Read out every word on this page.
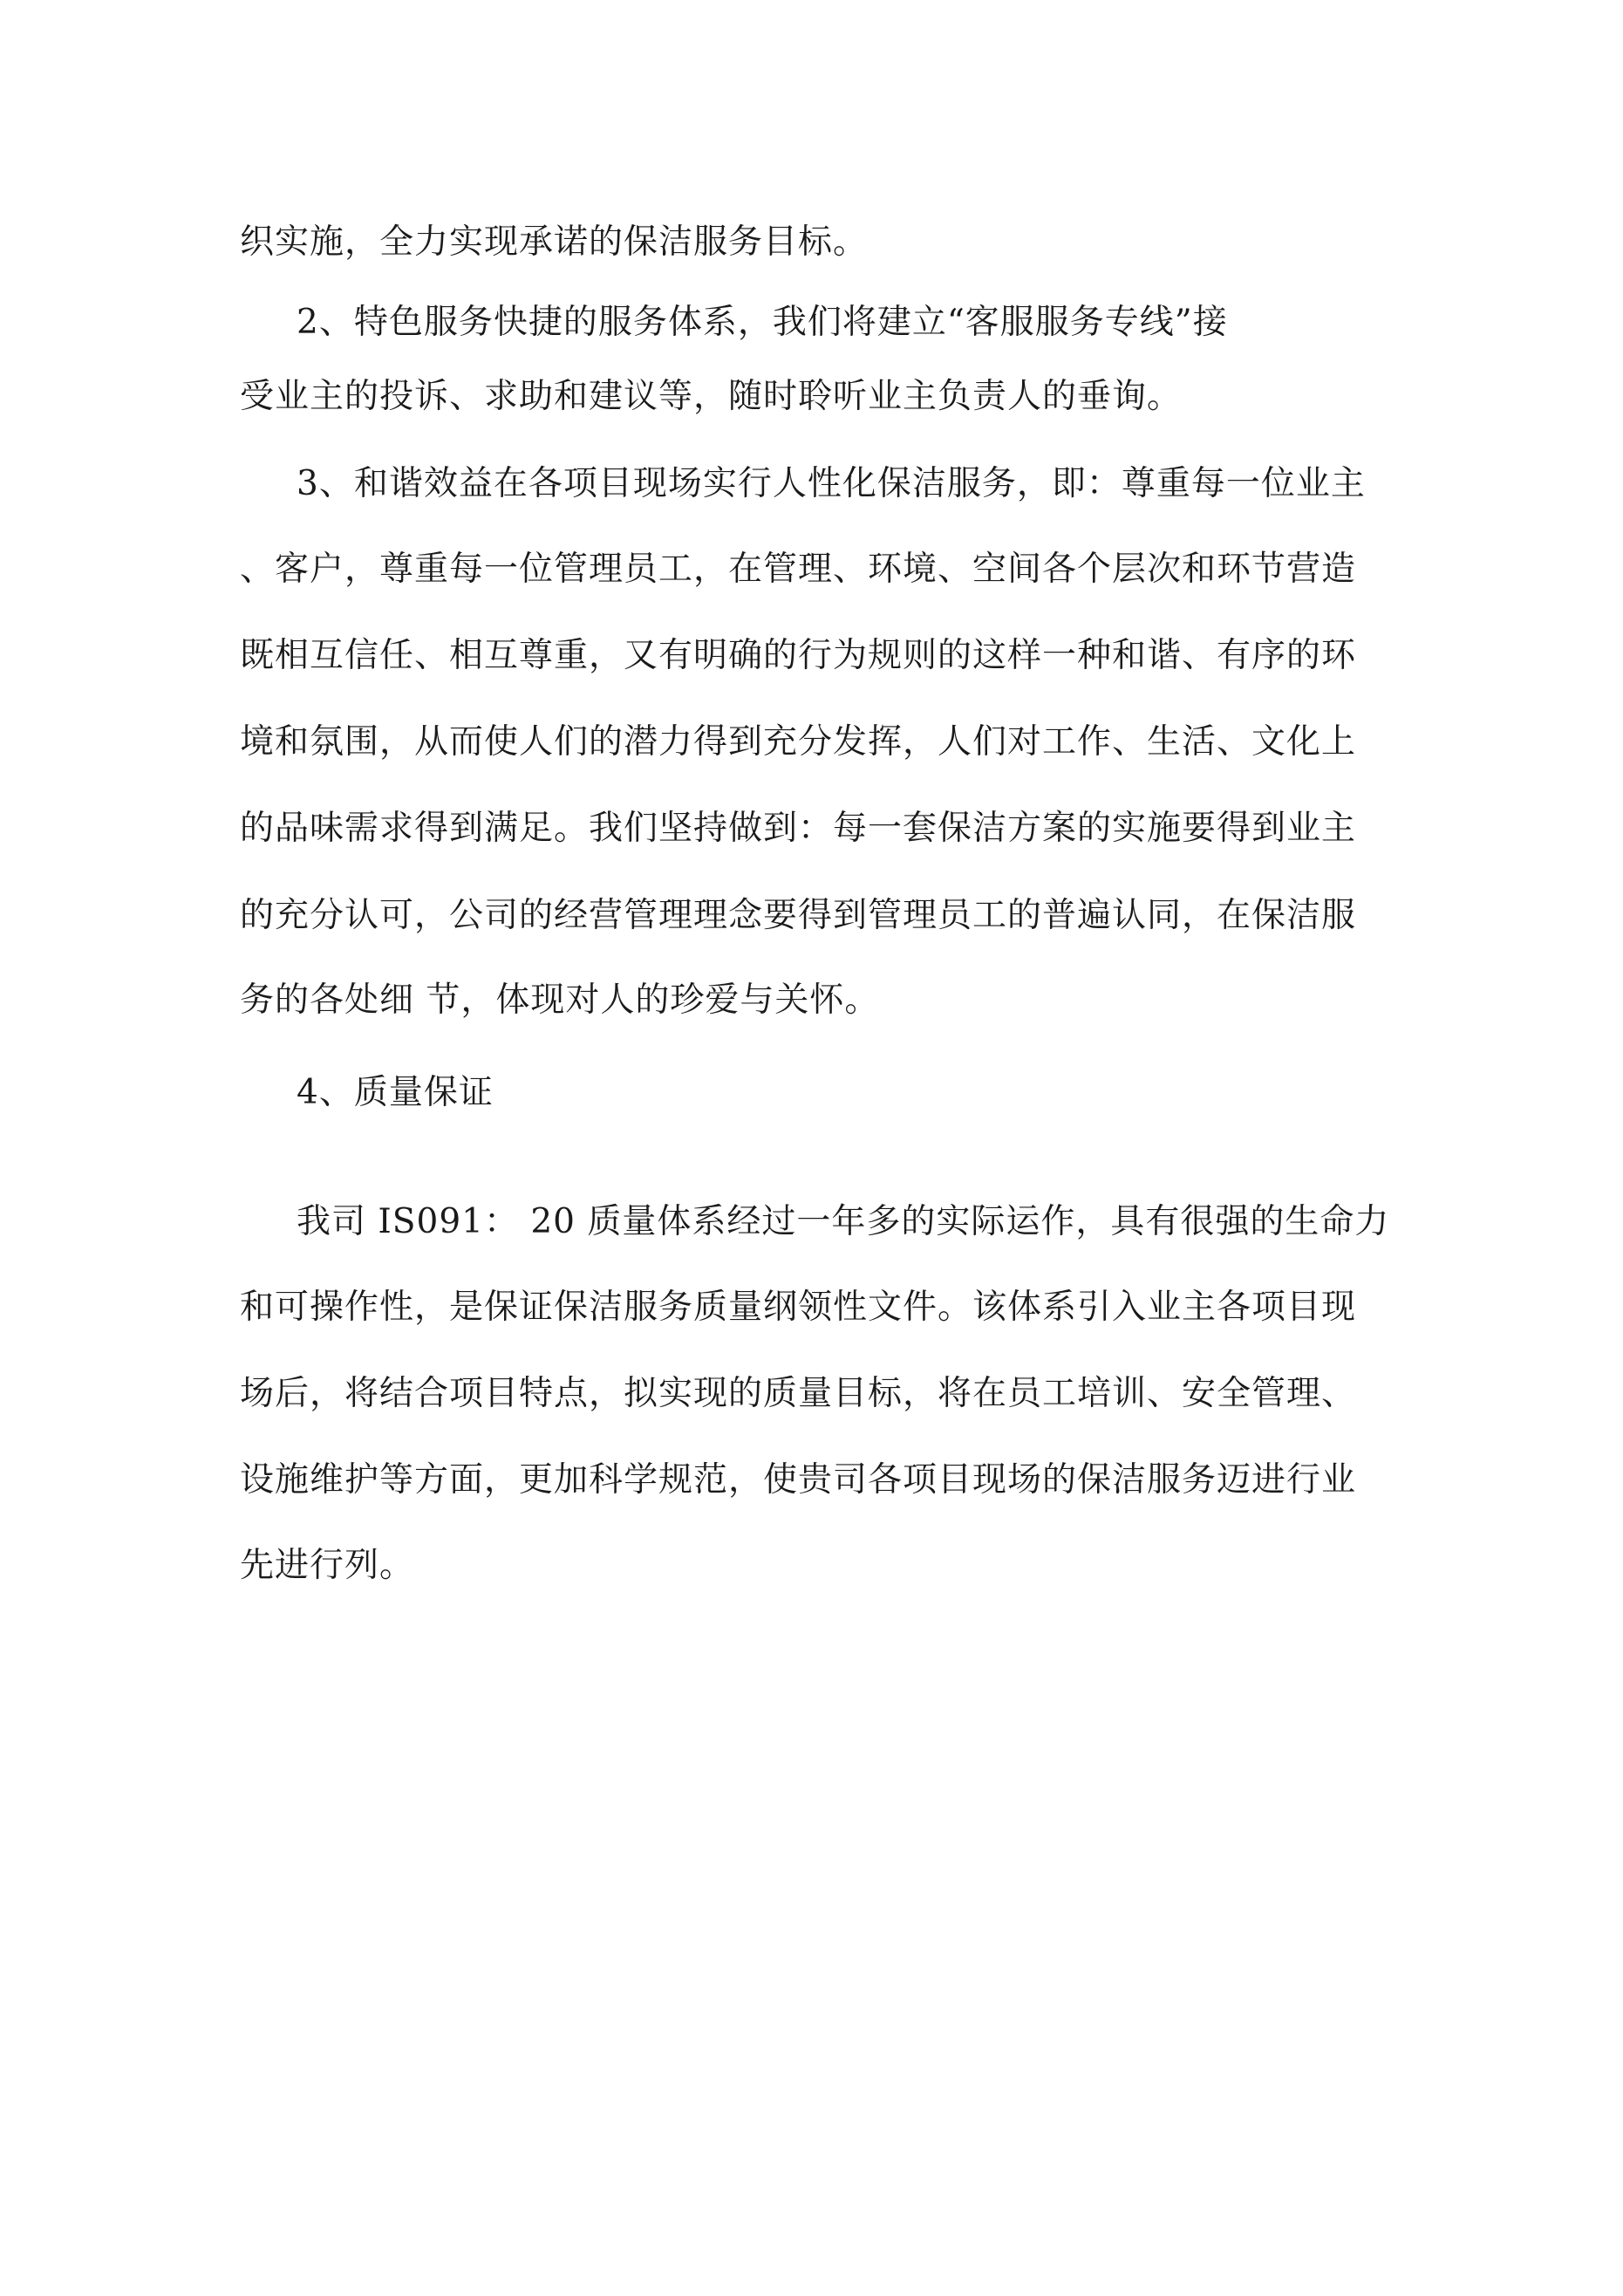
织实施，全力实现承诺的保洁服务目标。
2、特色服务快捷的服务体系，我们将建立“客服服务专线”接
受业主的投诉、求助和建议等，随时聆听业主负责人的垂询。
3、和谐效益在各项目现场实行人性化保洁服务，即：尊重每一位业主
、客户，尊重每一位管理员工，在管理、环境、空间各个层次和环节营造
既相互信任、相互尊重，又有明确的行为规则的这样一种和谐、有序的环
境和氛围，从而使人们的潜力得到充分发挥，人们对工作、生活、文化上
的品味需求得到满足。我们坚持做到：每一套保洁方案的实施要得到业主
的充分认可，公司的经营管理理念要得到管理员工的普遍认同，在保洁服
务的各处细 节，体现对人的珍爱与关怀。
4、质量保证
我司 IS091： 20 质量体系经过一年多的实际运作，具有很强的生命力
和可操作性，是保证保洁服务质量纲领性文件。该体系引入业主各项目现
场后，将结合项目特点，拟实现的质量目标，将在员工培训、安全管理、
设施维护等方面，更加科学规范，使贵司各项目现场的保洁服务迈进行业
先进行列。
